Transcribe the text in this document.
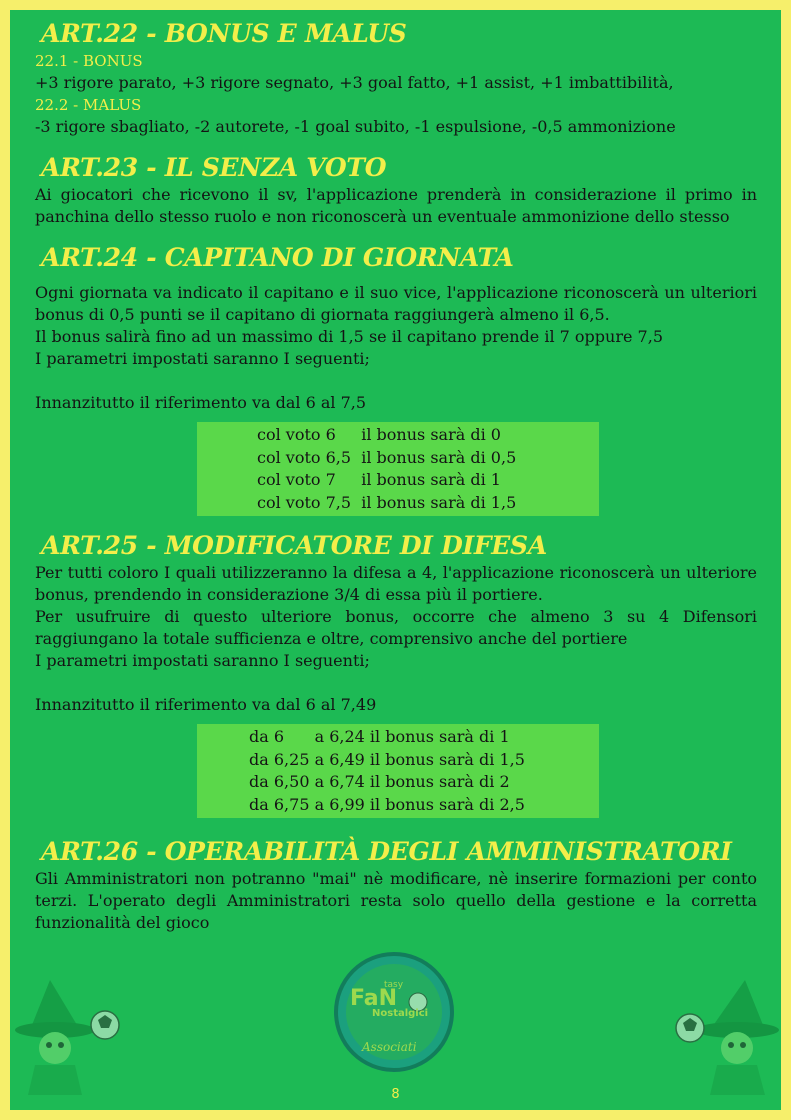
ART.22 - BONUS E MALUS

22.1 - BONUS

+3 rigore parato, +3 rigore segnato, +3 goal fatto, +1 assist, +1 imbattibilità,

22.2 - MALUS

-3 rigore sbagliato, -2 autorete, -1 goal subito, -1 espulsione, -0,5 ammonizione

ART.23 - IL SENZA VOTO

Ai giocatori che ricevono il sv, l'applicazione prenderà in considerazione il primo in panchina dello stesso ruolo e non riconoscerà un eventuale ammonizione dello stesso

ART.24 - CAPITANO DI GIORNATA

Ogni giornata va indicato il capitano e il suo vice, l'applicazione riconoscerà un ulteriori bonus di 0,5 punti se il capitano di giornata raggiungerà almeno il 6,5.

Il bonus salirà fino ad un massimo di 1,5 se il capitano prende il 7 oppure 7,5

I parametri impostati saranno I seguenti;

Innanzitutto il riferimento va dal 6 al 7,5

col voto 6     il bonus sarà di 0
col voto 6,5  il bonus sarà di 0,5
col voto 7     il bonus sarà di 1
col voto 7,5  il bonus sarà di 1,5
ART.25 - MODIFICATORE DI DIFESA

Per tutti coloro I quali utilizzeranno la difesa a 4, l'applicazione riconoscerà un ulteriore bonus, prendendo in considerazione 3/4 di essa più il portiere.

Per usufruire di questo ulteriore bonus, occorre che almeno 3 su 4 Difensori raggiungano la totale sufficienza e oltre, comprensivo anche del portiere

I parametri impostati saranno I seguenti;

Innanzitutto il riferimento va dal 6 al 7,49

da 6      a 6,24 il bonus sarà di 1
da 6,25 a 6,49 il bonus sarà di 1,5
da 6,50 a 6,74 il bonus sarà di 2
da 6,75 a 6,99 il bonus sarà di 2,5
ART.26 - OPERABILITÀ DEGLI AMMINISTRATORI

Gli Amministratori non potranno "mai" nè modificare, nè inserire formazioni per conto terzi. L'operato degli Amministratori resta solo quello della gestione e la corretta funzionalità del gioco

FaN
tasy
Nostalgici
Associati
8
